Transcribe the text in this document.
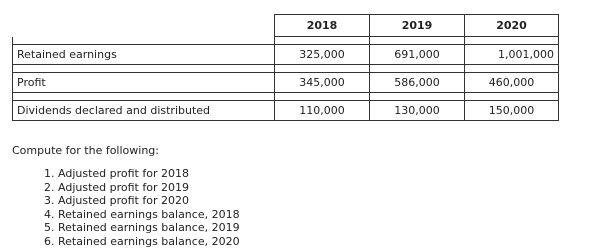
	2018	2019	2020

Retained earnings	325,000	691,000	1,001,000

Profit	345,000	586,000	460,000

Dividends declared and distributed	110,000	130,000	150,000

Compute for the following:

1. Adjusted profit for 2018
2. Adjusted profit for 2019
3. Adjusted profit for 2020
4. Retained earnings balance, 2018
5. Retained earnings balance, 2019
6. Retained earnings balance, 2020
